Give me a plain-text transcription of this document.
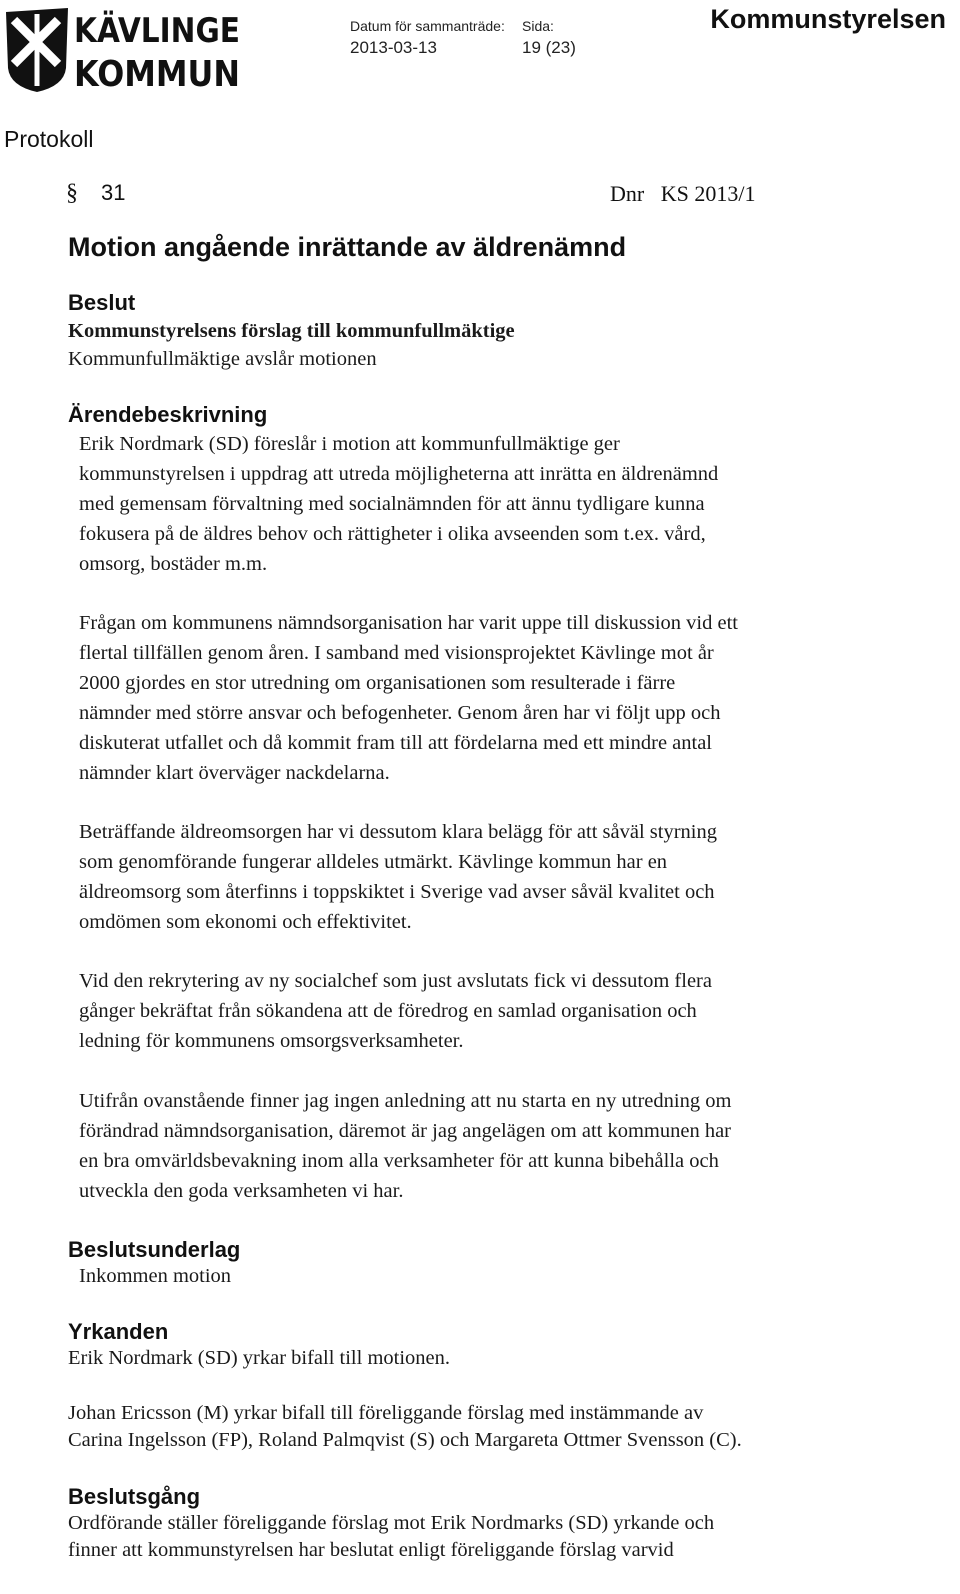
KÄVLINGE
KOMMUN
Datum för sammanträde:
2013-03-13
Sida:
19 (23)
Kommunstyrelsen
Protokoll
§ 31	Dnr KS 2013/1
Motion angående inrättande av äldrenämnd
Beslut
Kommunstyrelsens förslag till kommunfullmäktige
Kommunfullmäktige avslår motionen
Ärendebeskrivning
Erik Nordmark (SD) föreslår i motion att kommunfullmäktige ger
kommunstyrelsen i uppdrag att utreda möjligheterna att inrätta en äldrenämnd
med gemensam förvaltning med socialnämnden för att ännu tydligare kunna
fokusera på de äldres behov och rättigheter i olika avseenden som t.ex. vård,
omsorg, bostäder m.m.
Frågan om kommunens nämndsorganisation har varit uppe till diskussion vid ett
flertal tillfällen genom åren. I samband med visionsprojektet Kävlinge mot år
2000 gjordes en stor utredning om organisationen som resulterade i färre
nämnder med större ansvar och befogenheter. Genom åren har vi följt upp och
diskuterat utfallet och då kommit fram till att fördelarna med ett mindre antal
nämnder klart överväger nackdelarna.
Beträffande äldreomsorgen har vi dessutom klara belägg för att såväl styrning
som genomförande fungerar alldeles utmärkt. Kävlinge kommun har en
äldreomsorg som återfinns i toppskiktet i Sverige vad avser såväl kvalitet och
omdömen som ekonomi och effektivitet.
Vid den rekrytering av ny socialchef som just avslutats fick vi dessutom flera
gånger bekräftat från sökandena att de föredrog en samlad organisation och
ledning för kommunens omsorgsverksamheter.
Utifrån ovanstående finner jag ingen anledning att nu starta en ny utredning om
förändrad nämndsorganisation, däremot är jag angelägen om att kommunen har
en bra omvärldsbevakning inom alla verksamheter för att kunna bibehålla och
utveckla den goda verksamheten vi har.
Beslutsunderlag
Inkommen motion
Yrkanden
Erik Nordmark (SD) yrkar bifall till motionen.
Johan Ericsson (M) yrkar bifall till föreliggande förslag med instämmande av
Carina Ingelsson (FP), Roland Palmqvist (S) och Margareta Ottmer Svensson (C).
Beslutsgång
Ordförande ställer föreliggande förslag mot Erik Nordmarks (SD) yrkande och
finner att kommunstyrelsen har beslutat enligt föreliggande förslag varvid
